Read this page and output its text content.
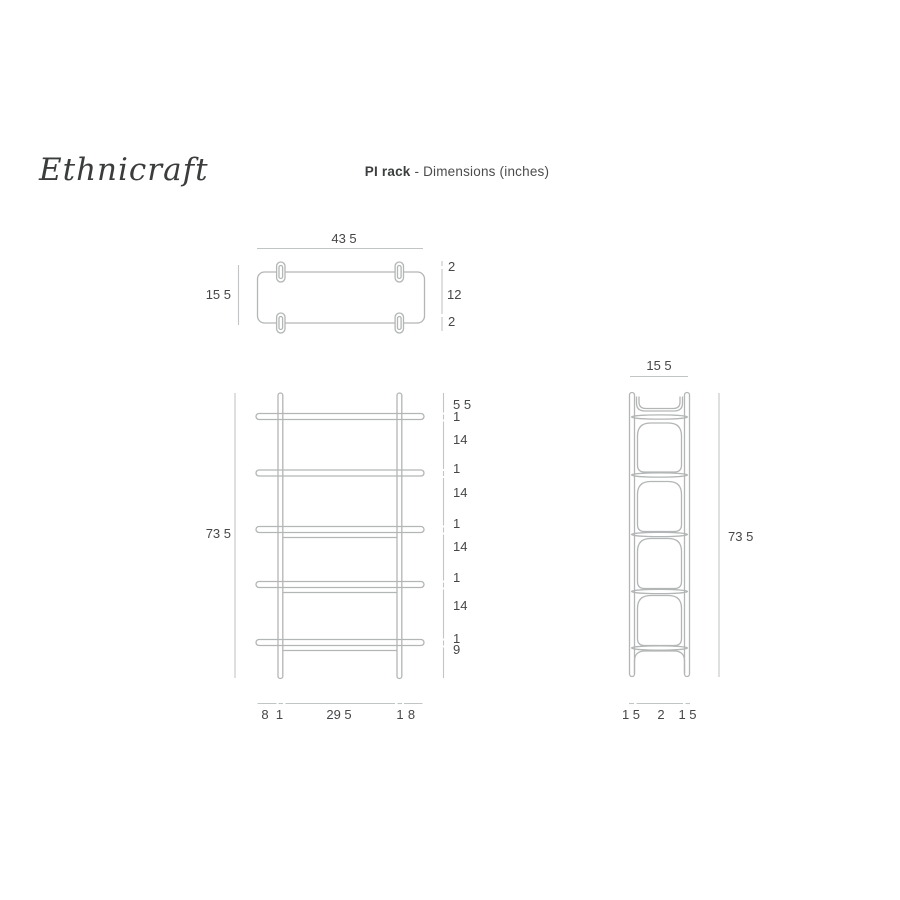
Ethnicraft	PI rack - Dimensions (inches)
43 5
15 5
2
12
2
73 5
5 5
1
14
1
14
1
14
1
14
1
9
8 1	29 5	1 8
15 5
73 5
1 5 2 1 5
